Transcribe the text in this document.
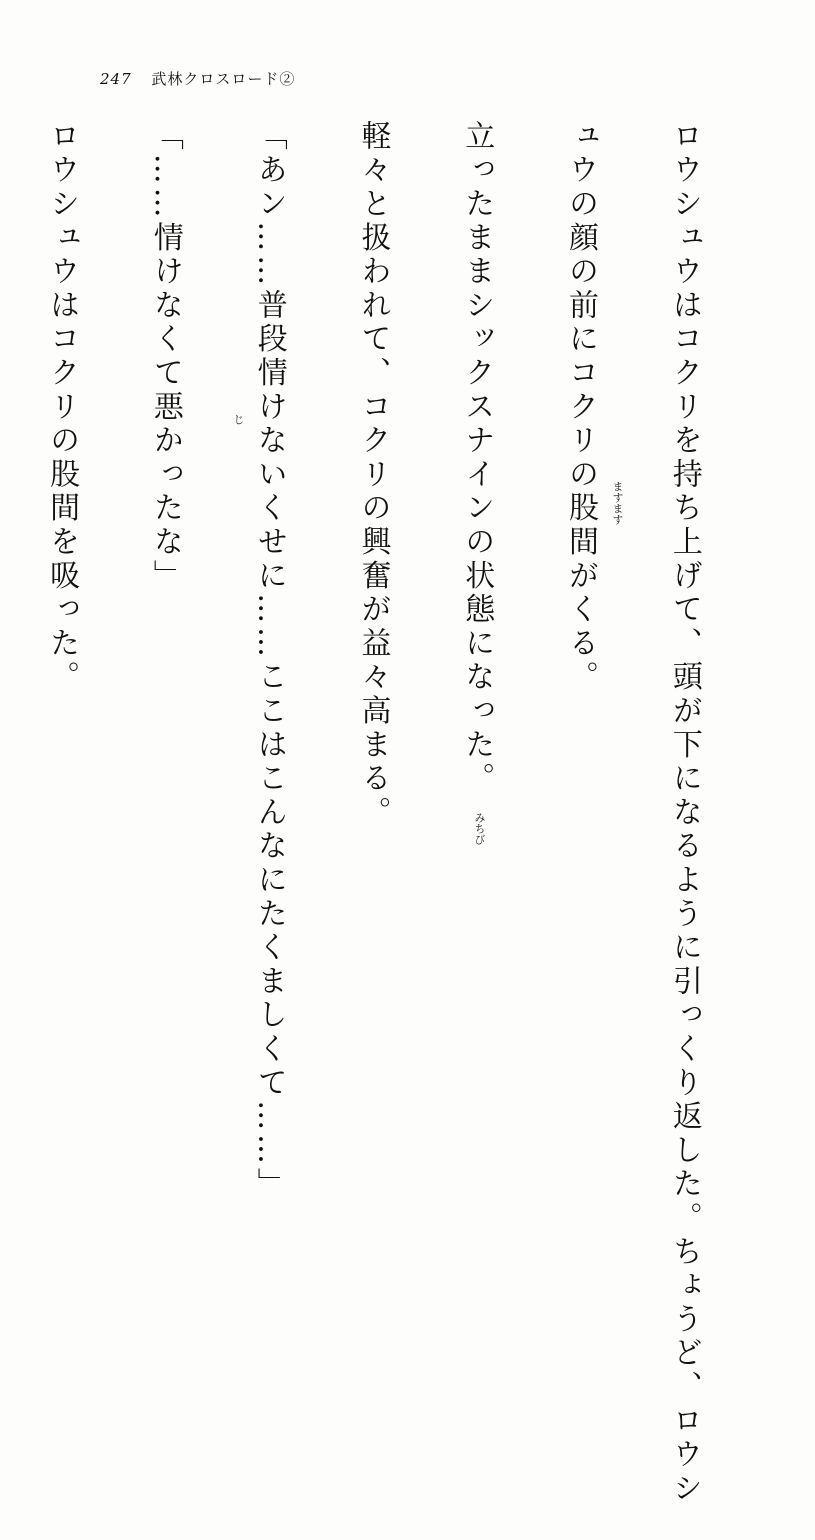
247 武林クロスロード②

ロウシュウはコクリを持ち上げて、頭が下になるように引っくり返した。ちょうど、ロウシ

ュウの顔の前にコクリの股間がくる。

立ったままシックスナインの状態になった。

軽々と扱われて、コクリの興奮が益々高まる。

「あン……普段情けないくせに……ここはこんなにたくましくて……」

「……情けなくて悪かったな」

ロウシュウはコクリの股間を吸った。

	ますます
みちび
じ
